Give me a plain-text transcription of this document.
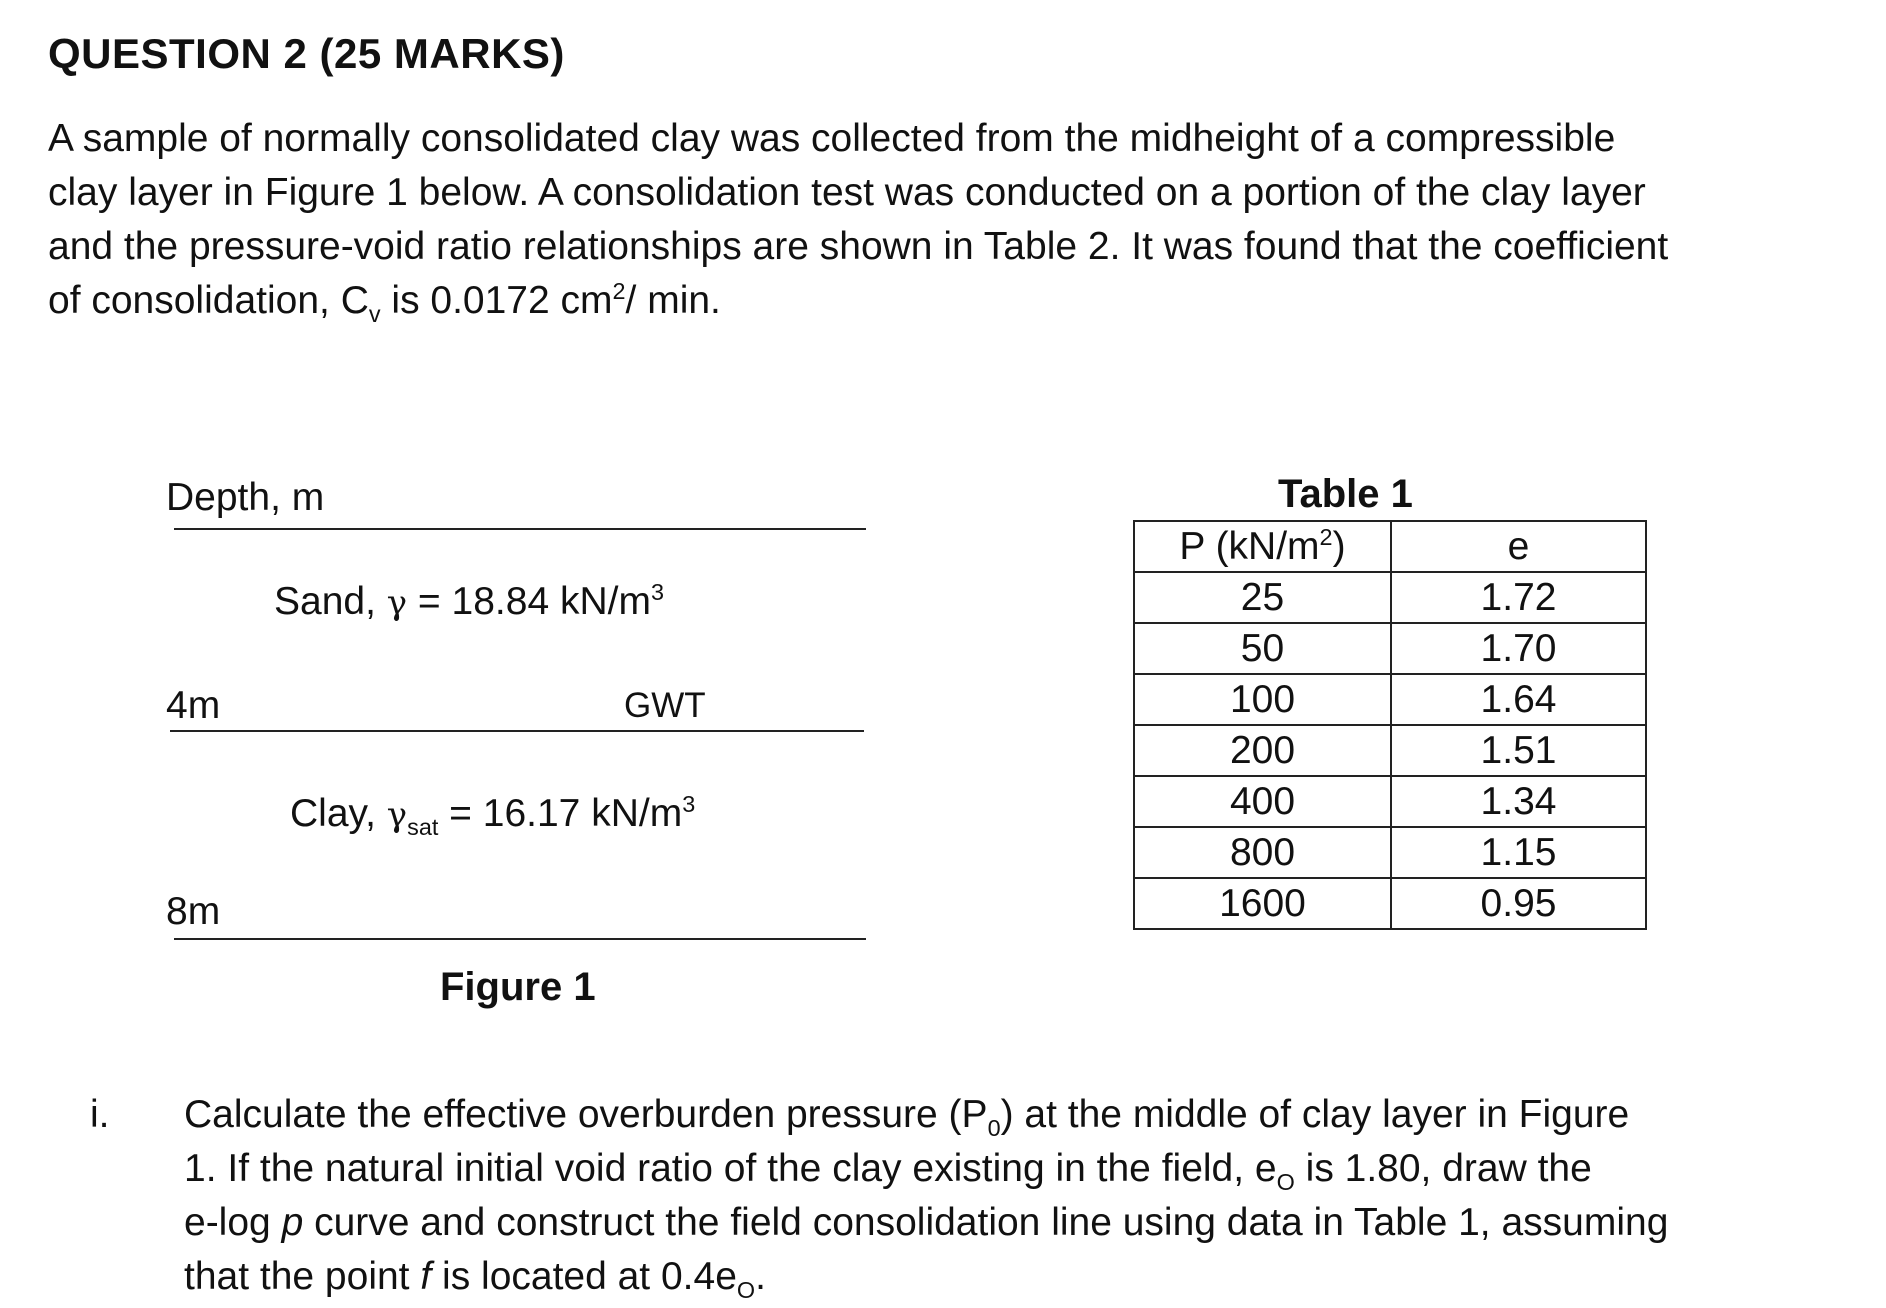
QUESTION 2 (25 MARKS)

A sample of normally consolidated clay was collected from the midheight of a compressible

clay layer in Figure 1 below. A consolidation test was conducted on a portion of the clay layer

and the pressure-void ratio relationships are shown in Table 2. It was found that the coefficient

of consolidation, $C_v$ is 0.0172 $cm^2/$ min.

Depth, m
Sand, γ = 18.84 $kN/m^3$
4m	GWT
Clay, $\gamma_{sat} = 16.17$ $kN/m^3$
8m
Figure 1
Table 1
P $(kN/m^2)$	e
25	1.72
50	1.70
100	1.64
200	1.51
400	1.34
800	1.15
1600	0.95
i. Calculate the effective overburden pressure $(P_0)$ at the middle of clay layer in Figure

1. If the natural initial void ratio of the clay existing in the field, $e_O$ is 1.80, draw the

e-log p curve and construct the field consolidation line using data in Table 1, assuming

that the point f is located at $0.4e_O$.
